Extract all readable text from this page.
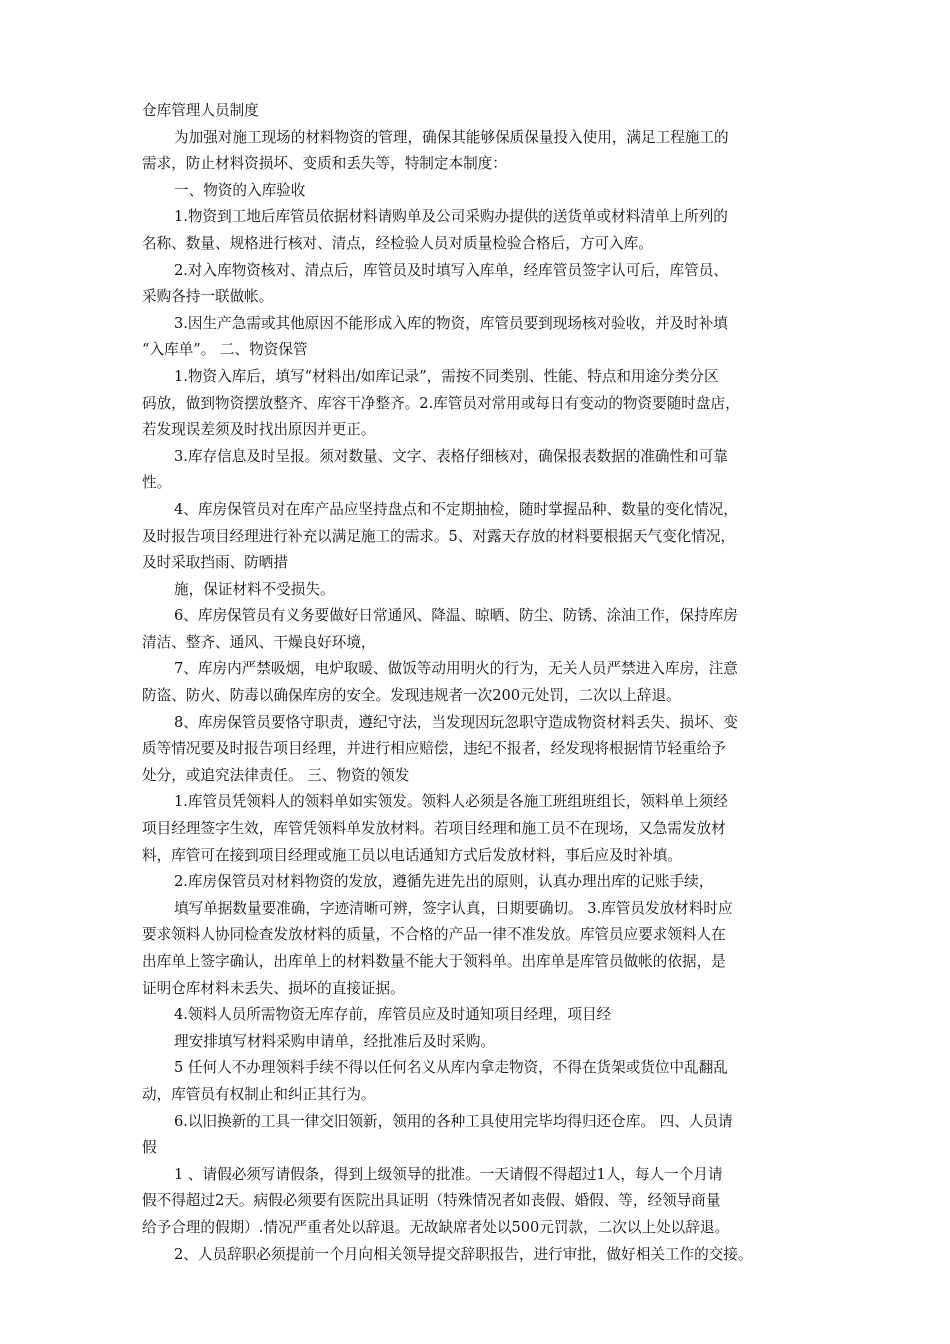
仓库管理人员制度
为加强对施工现场的材料物资的管理，确保其能够保质保量投入使用，满足工程施工的
需求，防止材料资损坏、变质和丢失等，特制定本制度：
一、物资的入库验收
1.物资到工地后库管员依据材料请购单及公司采购办提供的送货单或材料清单上所列的
名称、数量、规格进行核对、清点，经检验人员对质量检验合格后，方可入库。
2.对入库物资核对、清点后，库管员及时填写入库单，经库管员签字认可后，库管员、
采购各持一联做帐。
3.因生产急需或其他原因不能形成入库的物资，库管员要到现场核对验收，并及时补填
“入库单”。 二、物资保管
1.物资入库后，填写“材料出/如库记录”，需按不同类别、性能、特点和用途分类分区
码放，做到物资摆放整齐、库容干净整齐。2.库管员对常用或每日有变动的物资要随时盘店，
若发现误差须及时找出原因并更正。
3.库存信息及时呈报。须对数量、文字、表格仔细核对，确保报表数据的准确性和可靠
性。
4、库房保管员对在库产品应坚持盘点和不定期抽检，随时掌握品种、数量的变化情况，
及时报告项目经理进行补充以满足施工的需求。5、对露天存放的材料要根据天气变化情况，
及时采取挡雨、防晒措
施，保证材料不受损失。
6、库房保管员有义务要做好日常通风、降温、晾晒、防尘、防锈、涂油工作，保持库房
清洁、整齐、通风、干燥良好环境，
7、库房内严禁吸烟，电炉取暖、做饭等动用明火的行为，无关人员严禁进入库房，注意
防盗、防火、防毒以确保库房的安全。发现违规者一次200元处罚，二次以上辞退。
8、库房保管员要恪守职责，遵纪守法，当发现因玩忽职守造成物资材料丢失、损坏、变
质等情况要及时报告项目经理，并进行相应赔偿，违纪不报者，经发现将根据情节轻重给予
处分，或追究法律责任。 三、物资的领发
1.库管员凭领料人的领料单如实领发。领料人必须是各施工班组班组长，领料单上须经
项目经理签字生效，库管凭领料单发放材料。若项目经理和施工员不在现场，又急需发放材
料，库管可在接到项目经理或施工员以电话通知方式后发放材料，事后应及时补填。
2.库房保管员对材料物资的发放，遵循先进先出的原则，认真办理出库的记账手续，
填写单据数量要准确，字迹清晰可辨，签字认真，日期要确切。 3.库管员发放材料时应
要求领料人协同检查发放材料的质量，不合格的产品一律不准发放。库管员应要求领料人在
出库单上签字确认，出库单上的材料数量不能大于领料单。出库单是库管员做帐的依据，是
证明仓库材料未丢失、损坏的直接证据。
4.领料人员所需物资无库存前，库管员应及时通知项目经理，项目经
理安排填写材料采购申请单，经批准后及时采购。
5 任何人不办理领料手续不得以任何名义从库内拿走物资，不得在货架或货位中乱翻乱
动，库管员有权制止和纠正其行为。
6.以旧换新的工具一律交旧领新，领用的各种工具使用完毕均得归还仓库。 四、人员请
假
1 、请假必须写请假条，得到上级领导的批准。一天请假不得超过1人，每人一个月请
假不得超过2天。病假必须要有医院出具证明（特殊情况者如丧假、婚假、等，经领导商量
给予合理的假期）.情况严重者处以辞退。无故缺席者处以500元罚款，二次以上处以辞退。
2、人员辞职必须提前一个月向相关领导提交辞职报告，进行审批，做好相关工作的交接。
